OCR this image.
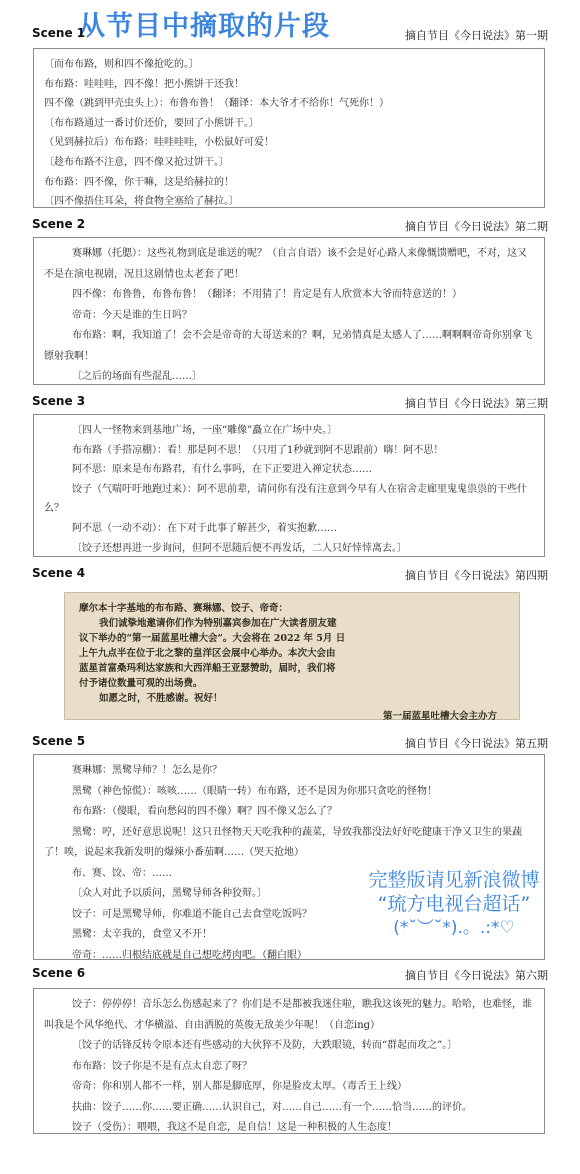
从节目中摘取的片段
Scene 1	摘自节目《今日说法》第一期
〔而布布路，则和四不像抢吃的。〕
布布路：哇哇哇，四不像！把小熊饼干还我！
四不像（跳到甲壳虫头上）：布鲁布鲁！（翻译：本大爷才不给你！气死你！）
〔布布路通过一番讨价还价，要回了小熊饼干。〕
（见到赫拉后）布布路：哇哇哇哇，小松鼠好可爱！
〔趁布布路不注意，四不像又抢过饼干。〕
布布路：四不像，你干嘛，这是给赫拉的！
〔四不像捂住耳朵，将食物全塞给了赫拉。〕
Scene 2	摘自节目《今日说法》第二期
赛琳娜（托腮）：这些礼物到底是谁送的呢？（自言自语）该不会是好心路人来像慨馈赠吧，不对，这又不是在演电视剧，况且这剧情也太老套了吧！
四不像：布鲁鲁，布鲁布鲁！（翻译：不用猜了！肯定是有人欣赏本大爷而特意送的！）
帝奇：今天是谁的生日吗？
布布路：啊，我知道了！会不会是帝奇的大哥送来的？啊，兄弟情真是太感人了……啊啊啊帝奇你别拿飞镖射我啊！
〔之后的场面有些混乱……〕
Scene 3	摘自节目《今日说法》第三期
〔四人一怪物来到基地广场，一座“雕像”矗立在广场中央。〕
布布路（手搭凉棚）：看！那是阿不思！（只用了1秒就到阿不思跟前）嗨！阿不思！
阿不思：原来是布布路君，有什么事吗，在下正要进入禅定状态……
饺子（气喘吁吁地跑过来）：阿不思前辈，请问你有没有注意到今早有人在宿舍走廊里鬼鬼祟祟的干些什么？
阿不思（一动不动）：在下对于此事了解甚少，着实抱歉……
〔饺子还想再进一步询问，但阿不思随后便不再发话，二人只好悻悻离去。〕
Scene 4	摘自节目《今日说法》第四期
摩尔本十字基地的布布路、赛琳娜、饺子、帝奇：
我们诚挚地邀请你们作为特别嘉宾参加在广大读者朋友建
议下举办的“第一届蓝星吐槽大会”。大会将在 2022 年 5月 日
上午九点半在位于北之黎的皇洋区会展中心举办。本次大会由
蓝星首富桑玛利达家族和大西洋船王亚瑟赞助，届时，我们将
付予诸位数量可观的出场费。
如愿之时，不胜感谢。祝好！
第一届蓝星吐槽大会主办方
Scene 5	摘自节目《今日说法》第五期
赛琳娜：黑鹭导师？！怎么是你？
黑鹭（神色惊慌）：咳咳……（眼睛一转）布布路，还不是因为你那只贪吃的怪物！
布布路：（傻眼，看向愁闷的四不像）啊？四不像又怎么了？
黑鹭：哼，还好意思说呢！这只丑怪物天天吃我种的蔬菜，导致我都没法好好吃健康干净又卫生的果蔬了！唉，说起来我新发明的爆辣小番茄啊……（哭天抢地）
布、赛、饺、帝：……
〔众人对此予以质问，黑鹭导师各种狡辩。〕
饺子：可是黑鹭导师，你难道不能自己去食堂吃饭吗？
黑鹭：太辛我的，食堂又不开！
帝奇：……归根结底就是自己想吃烤肉吧。（翻白眼）
完整版请见新浪微博
“琉方电视台超话”
(*˘︶˘*).。.:*♡
Scene 6	摘自节目《今日说法》第六期
饺子：停停停！音乐怎么伤感起来了？你们是不是都被我迷住啦，瞧我这该死的魅力。哈哈，也难怪，谁叫我是个风华绝代、才华横溢、自由洒脱的英俊无敌美少年呢！（自恋ing）
〔饺子的话锋反转令原本还有些感动的大伙猝不及防，大跌眼镜，转而“群起而攻之”。〕
布布路：饺子你是不是有点太自恋了呀？
帝奇：你和别人都不一样，别人都是脚底厚，你是脸皮太厚。（毒舌王上线）
扶曲：饺子……你……要正确……认识自己，对……自己……有一个……恰当……的评价。
饺子（受伤）：喂喂，我这不是自恋，是自信！这是一种积极的人生态度！
